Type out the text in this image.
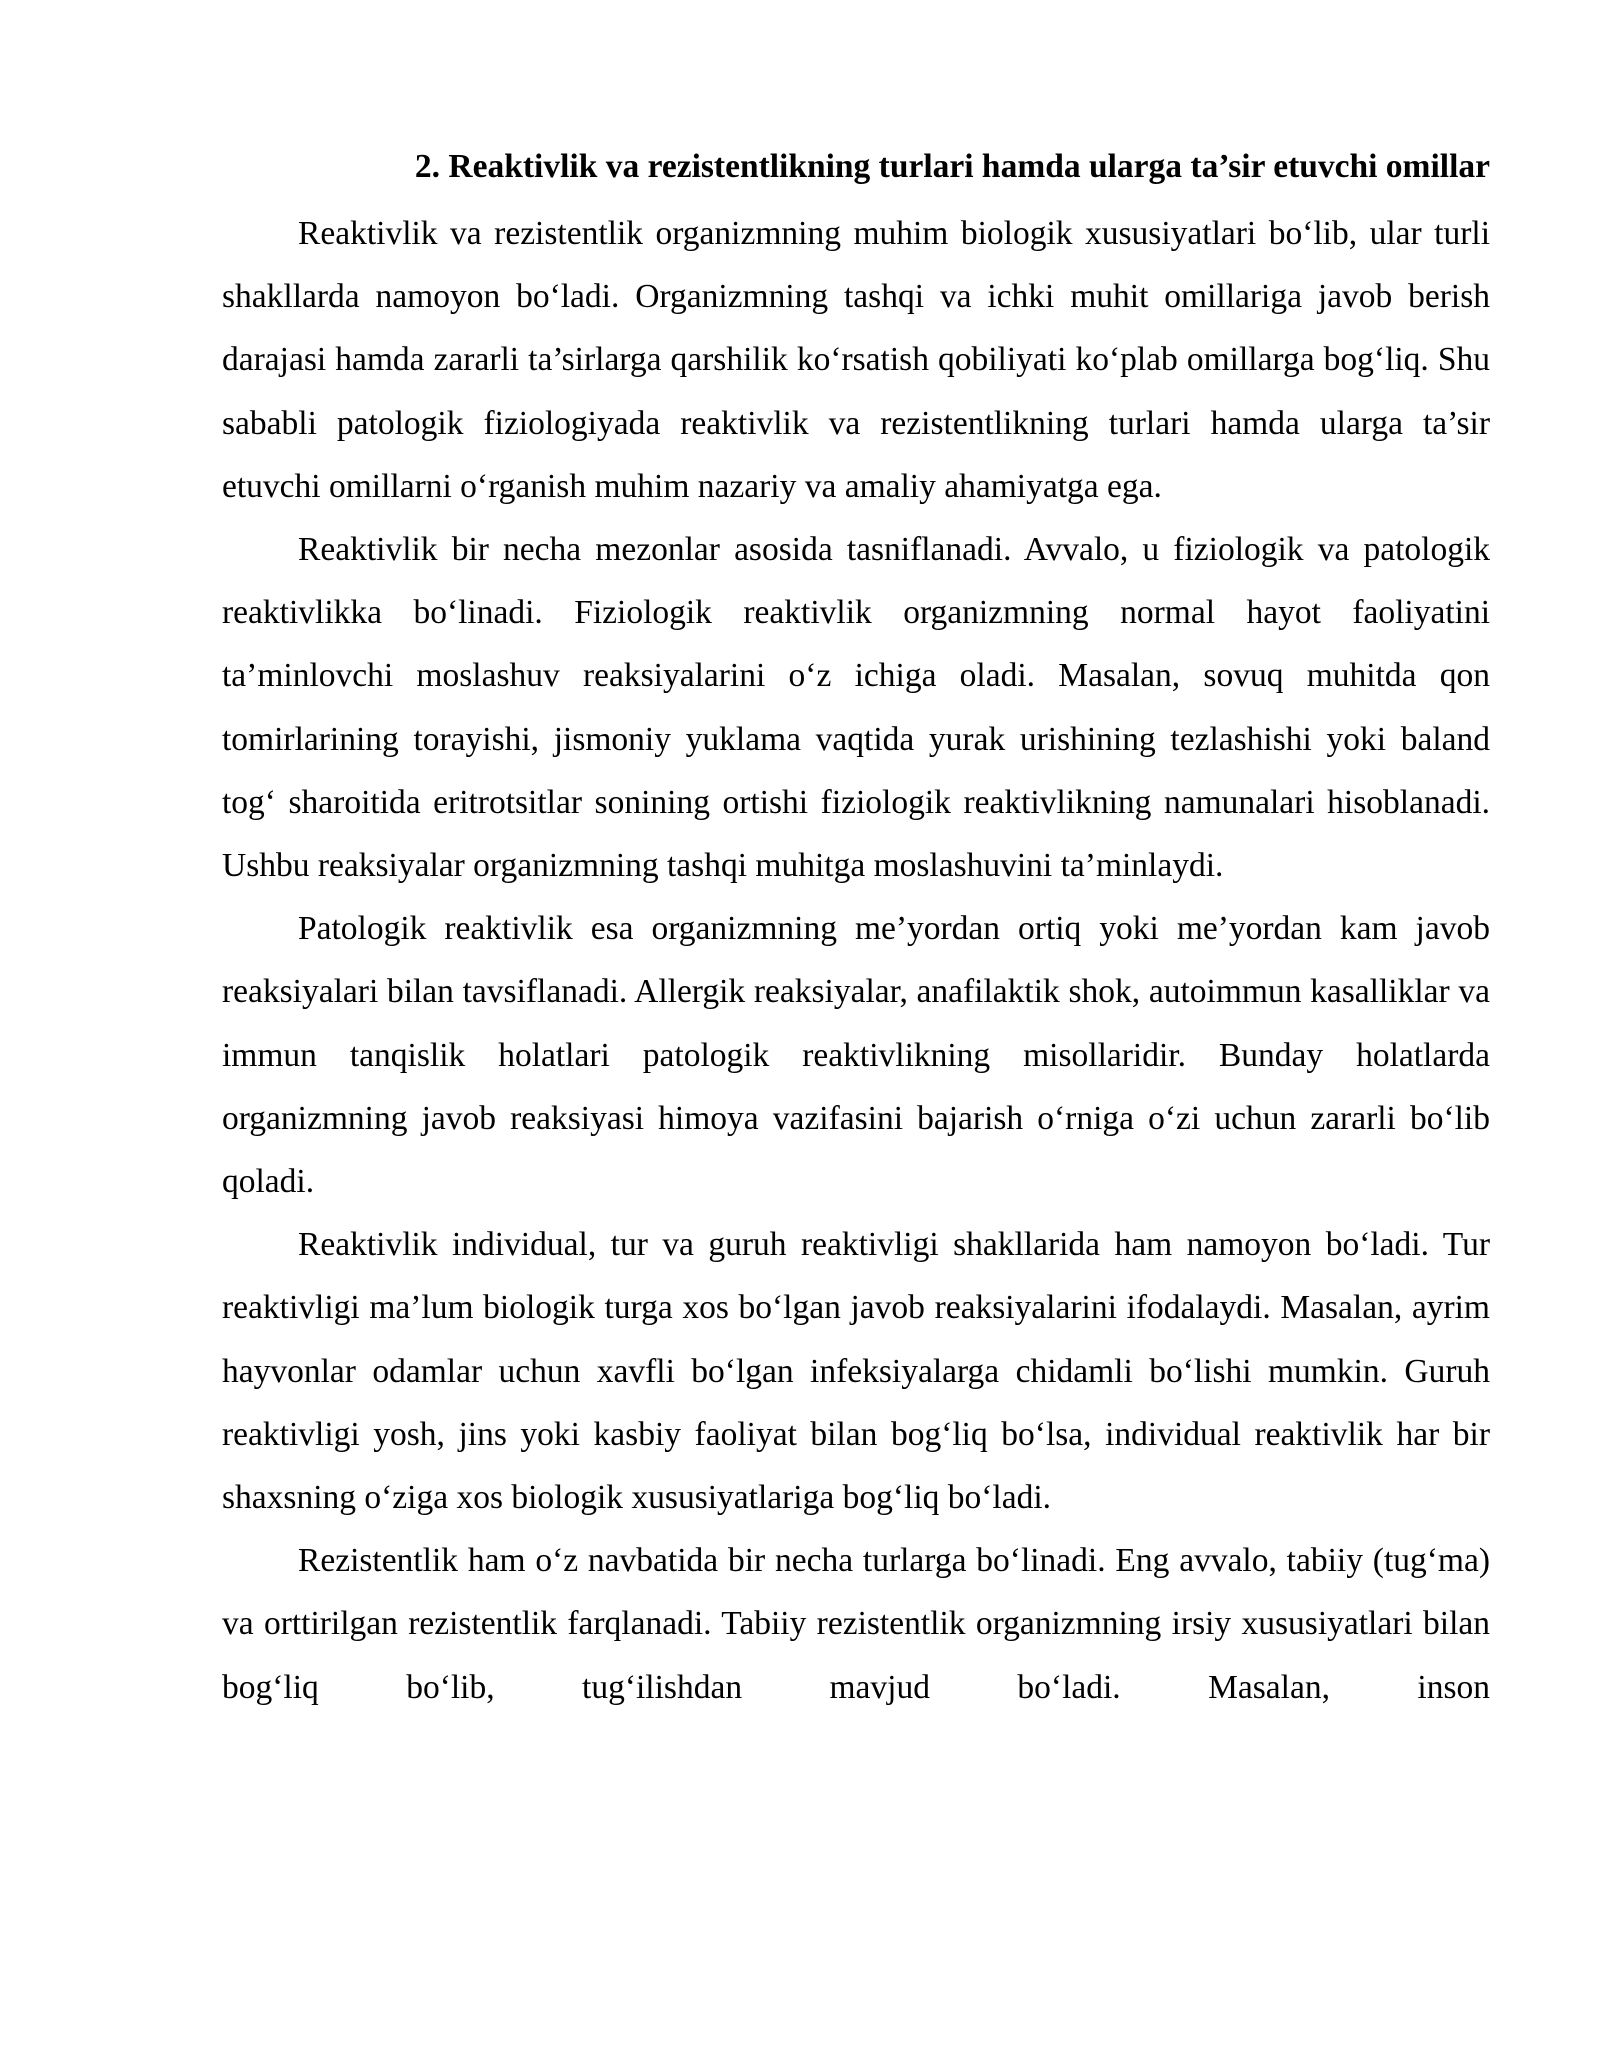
2. Reaktivlik va rezistentlikning turlari hamda ularga ta’sir etuvchi omillar

Reaktivlik va rezistentlik organizmning muhim biologik xususiyatlari bo‘lib, ular turli shakllarda namoyon bo‘ladi. Organizmning tashqi va ichki muhit omillariga javob berish darajasi hamda zararli ta’sirlarga qarshilik ko‘rsatish qobiliyati ko‘plab omillarga bog‘liq. Shu sababli patologik fiziologiyada reaktivlik va rezistentlikning turlari hamda ularga ta’sir etuvchi omillarni o‘rganish muhim nazariy va amaliy ahamiyatga ega.

Reaktivlik bir necha mezonlar asosida tasniflanadi. Avvalo, u fiziologik va patologik reaktivlikka bo‘linadi. Fiziologik reaktivlik organizmning normal hayot faoliyatini ta’minlovchi moslashuv reaksiyalarini o‘z ichiga oladi. Masalan, sovuq muhitda qon tomirlarining torayishi, jismoniy yuklama vaqtida yurak urishining tezlashishi yoki baland tog‘ sharoitida eritrotsitlar sonining ortishi fiziologik reaktivlikning namunalari hisoblanadi. Ushbu reaksiyalar organizmning tashqi muhitga moslashuvini ta’minlaydi.

Patologik reaktivlik esa organizmning me’yordan ortiq yoki me’yordan kam javob reaksiyalari bilan tavsiflanadi. Allergik reaksiyalar, anafilaktik shok, autoimmun kasalliklar va immun tanqislik holatlari patologik reaktivlikning misollaridir. Bunday holatlarda organizmning javob reaksiyasi himoya vazifasini bajarish o‘rniga o‘zi uchun zararli bo‘lib qoladi.

Reaktivlik individual, tur va guruh reaktivligi shakllarida ham namoyon bo‘ladi. Tur reaktivligi ma’lum biologik turga xos bo‘lgan javob reaksiyalarini ifodalaydi. Masalan, ayrim hayvonlar odamlar uchun xavfli bo‘lgan infeksiyalarga chidamli bo‘lishi mumkin. Guruh reaktivligi yosh, jins yoki kasbiy faoliyat bilan bog‘liq bo‘lsa, individual reaktivlik har bir shaxsning o‘ziga xos biologik xususiyatlariga bog‘liq bo‘ladi.

Rezistentlik ham o‘z navbatida bir necha turlarga bo‘linadi. Eng avvalo, tabiiy (tug‘ma) va orttirilgan rezistentlik farqlanadi. Tabiiy rezistentlik organizmning irsiy xususiyatlari bilan bog‘liq bo‘lib, tug‘ilishdan mavjud bo‘ladi. Masalan, inson
